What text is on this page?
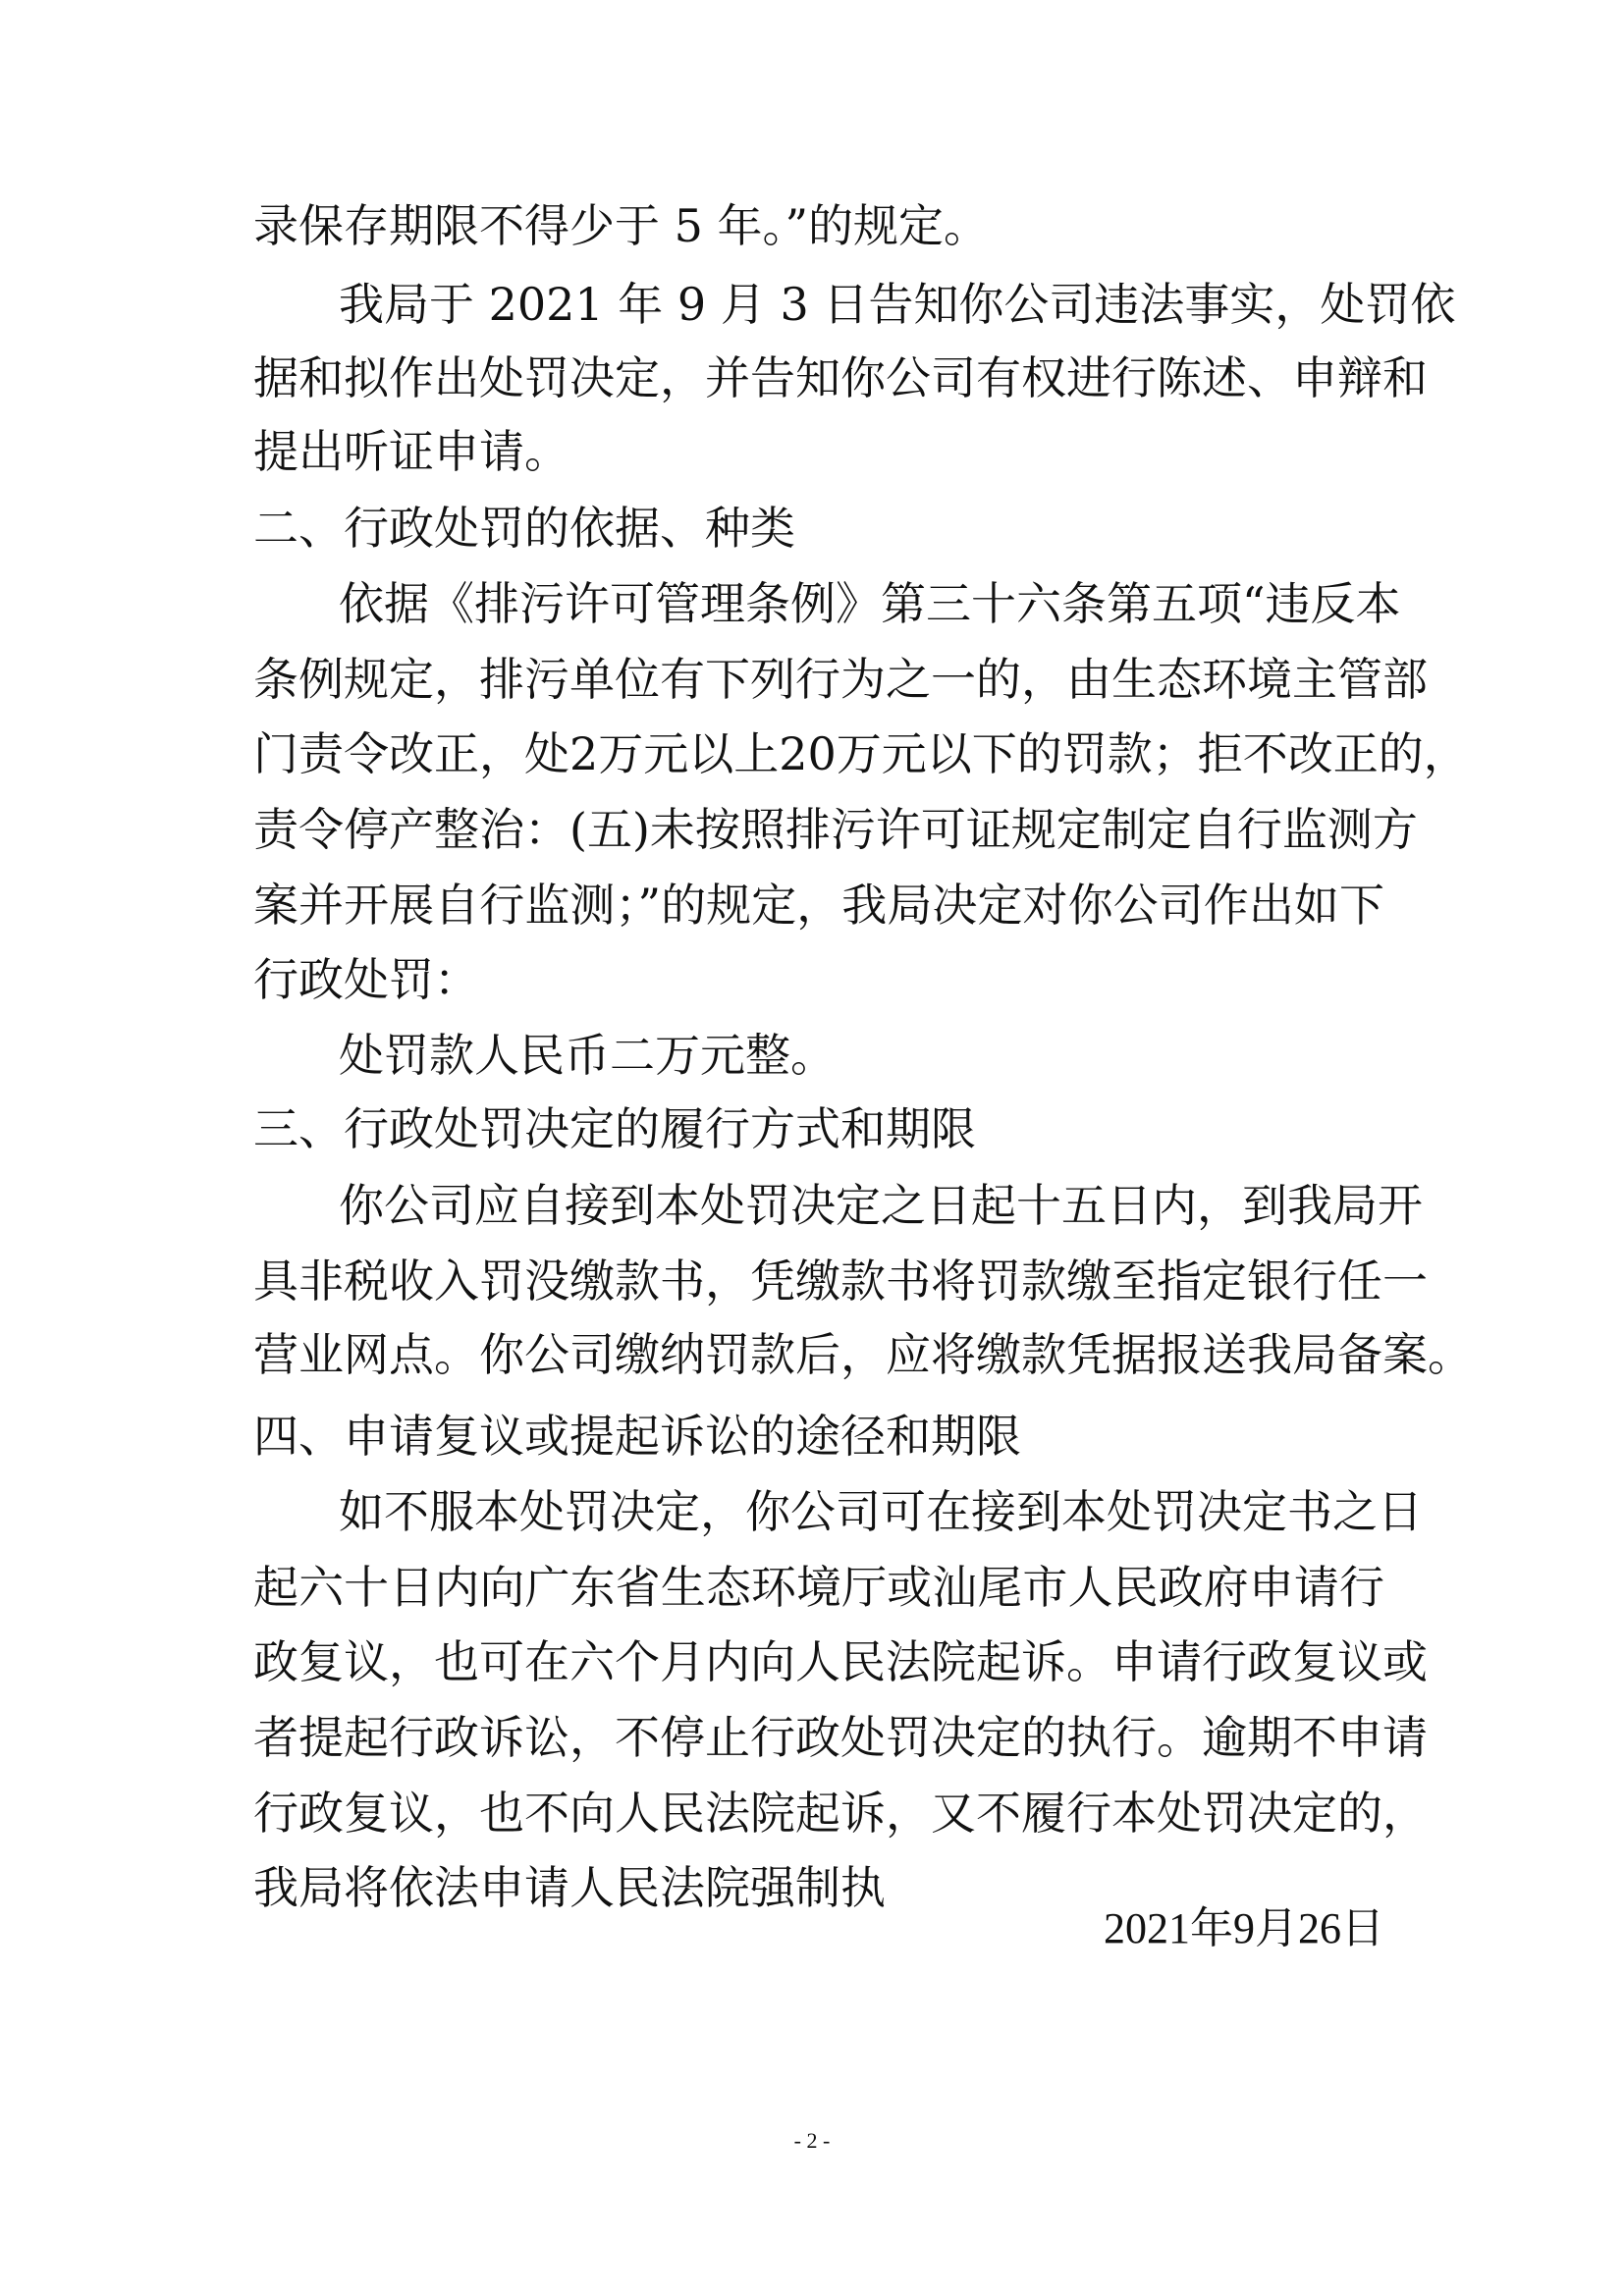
录保存期限不得少于 5 年。”的规定。
我局于 2021 年 9 月 3 日告知你公司违法事实，处罚依
据和拟作出处罚决定，并告知你公司有权进行陈述、申辩和
提出听证申请。
二、行政处罚的依据、种类
依据《排污许可管理条例》第三十六条第五项“违反本
条例规定，排污单位有下列行为之一的，由生态环境主管部
门责令改正，处2万元以上20万元以下的罚款；拒不改正的，
责令停产整治：(五)未按照排污许可证规定制定自行监测方
案并开展自行监测；”的规定，我局决定对你公司作出如下
行政处罚：
处罚款人民币二万元整。
三、行政处罚决定的履行方式和期限
你公司应自接到本处罚决定之日起十五日内，到我局开
具非税收入罚没缴款书，凭缴款书将罚款缴至指定银行任一
营业网点。你公司缴纳罚款后，应将缴款凭据报送我局备案。
四、申请复议或提起诉讼的途径和期限
如不服本处罚决定，你公司可在接到本处罚决定书之日
起六十日内向广东省生态环境厅或汕尾市人民政府申请行
政复议，也可在六个月内向人民法院起诉。申请行政复议或
者提起行政诉讼，不停止行政处罚决定的执行。逾期不申请
行政复议，也不向人民法院起诉，又不履行本处罚决定的，
我局将依法申请人民法院强制执
2021年9月26日
- 2 -
